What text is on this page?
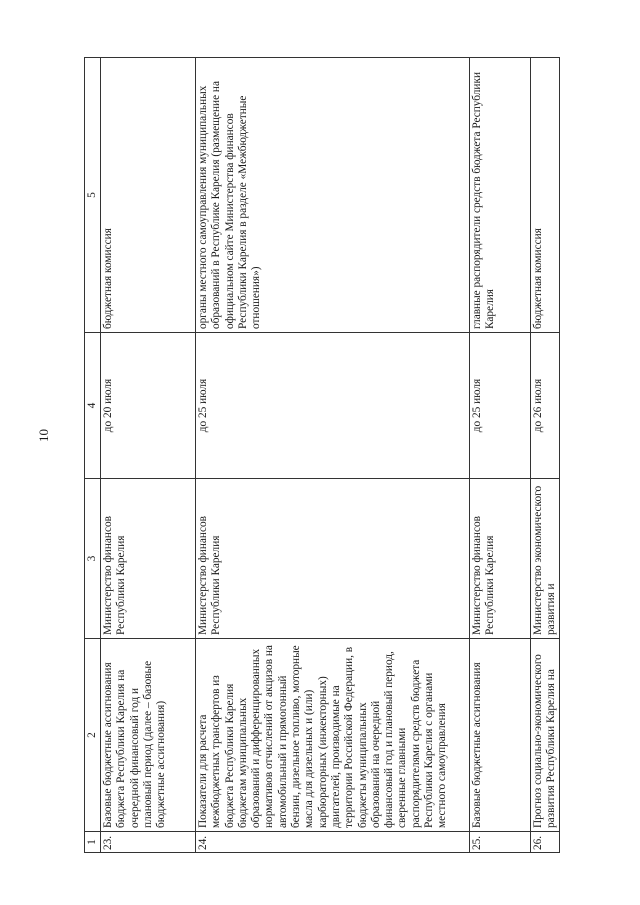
10
1	2	3	4	5
23.	Базовые бюджетные ассигнования бюджета Республики Карелия на очередной финансовый год и плановый период (далее – базовые бюджетные ассигнования)	Министерство финансов Республики Карелия	до 20 июля	бюджетная комиссия
24.	Показатели для расчета межбюджетных трансфертов из бюджета Республики Карелия бюджетам муниципальных образований и дифференцированных нормативов отчислений от акцизов на автомобильный и прямогонный бензин, дизельное топливо, моторные масла для дизельных и (или) карбюраторных (инжекторных) двигателей, производимые на территории Российской Федерации, в бюджеты муниципальных образований на очередной финансовый год и плановый период, сверенные главными распорядителями средств бюджета Республики Карелия с органами местного самоуправления	Министерство финансов Республики Карелия	до 25 июля	органы местного самоуправления муниципальных образований в Республике Карелия (размещение на официальном сайте Министерства финансов Республики Карелия в разделе «Межбюджетные отношения»)
25.	Базовые бюджетные ассигнования	Министерство финансов Республики Карелия	до 25 июля	главные распорядители средств бюджета Республики Карелия
26.	Прогноз социально-экономического развития Республики Карелия на	Министерство экономического развития и	до 26 июля	бюджетная комиссия
